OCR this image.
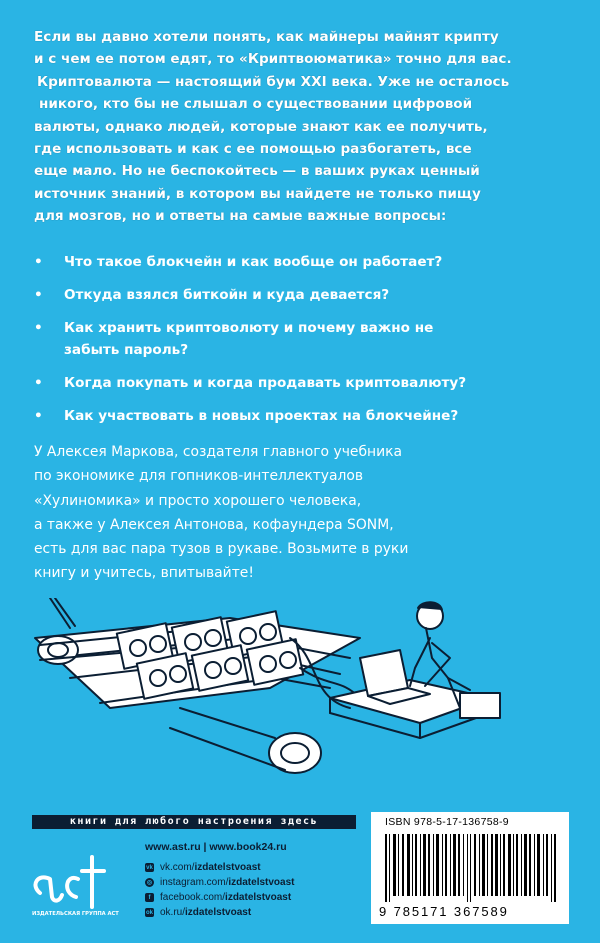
Если вы давно хотели понять, как майнеры майнят крипту
и с чем ее потом едят, то «Криптвоюматика» точно для вас.
Криптовалюта — настоящий бум XXI века. Уже не осталось
никого, кто бы не слышал о существовании цифровой
валюты, однако людей, которые знают как ее получить,
где использовать и как с ее помощью разбогатеть, все
еще мало. Но не беспокойтесь — в ваших руках ценный
источник знаний, в котором вы найдете не только пищу
для мозгов, но и ответы на самые важные вопросы:
• Что такое блокчейн и как вообще он работает?
• Откуда взялся биткойн и куда девается?
• Как хранить криптоволюту и почему важно не
забыть пароль?
• Когда покупать и когда продавать криптовалюту?
• Как участвовать в новых проектах на блокчейне?
У Алексея Маркова, создателя главного учебника
по экономике для гопников-интеллектуалов
«Хулиномика» и просто хорошего человека,
а также у Алексея Антонова, кофаундера SONM,
есть для вас пара тузов в рукаве. Возьмите в руки
книгу и учитесь, впитывайте!
книги для любого настроения здесь
ИЗДАТЕЛЬСКАЯ ГРУППА АСТ
www.ast.ru | www.book24.ru
vk vk.com/ izdatelstvoast
◎ instagram.com/ izdatelstvoast
f facebook.com/ izdatelstvoast
ok ok.ru/ izdatelstvoast
ISBN 978-5-17-136758-9
9 785171 367589
